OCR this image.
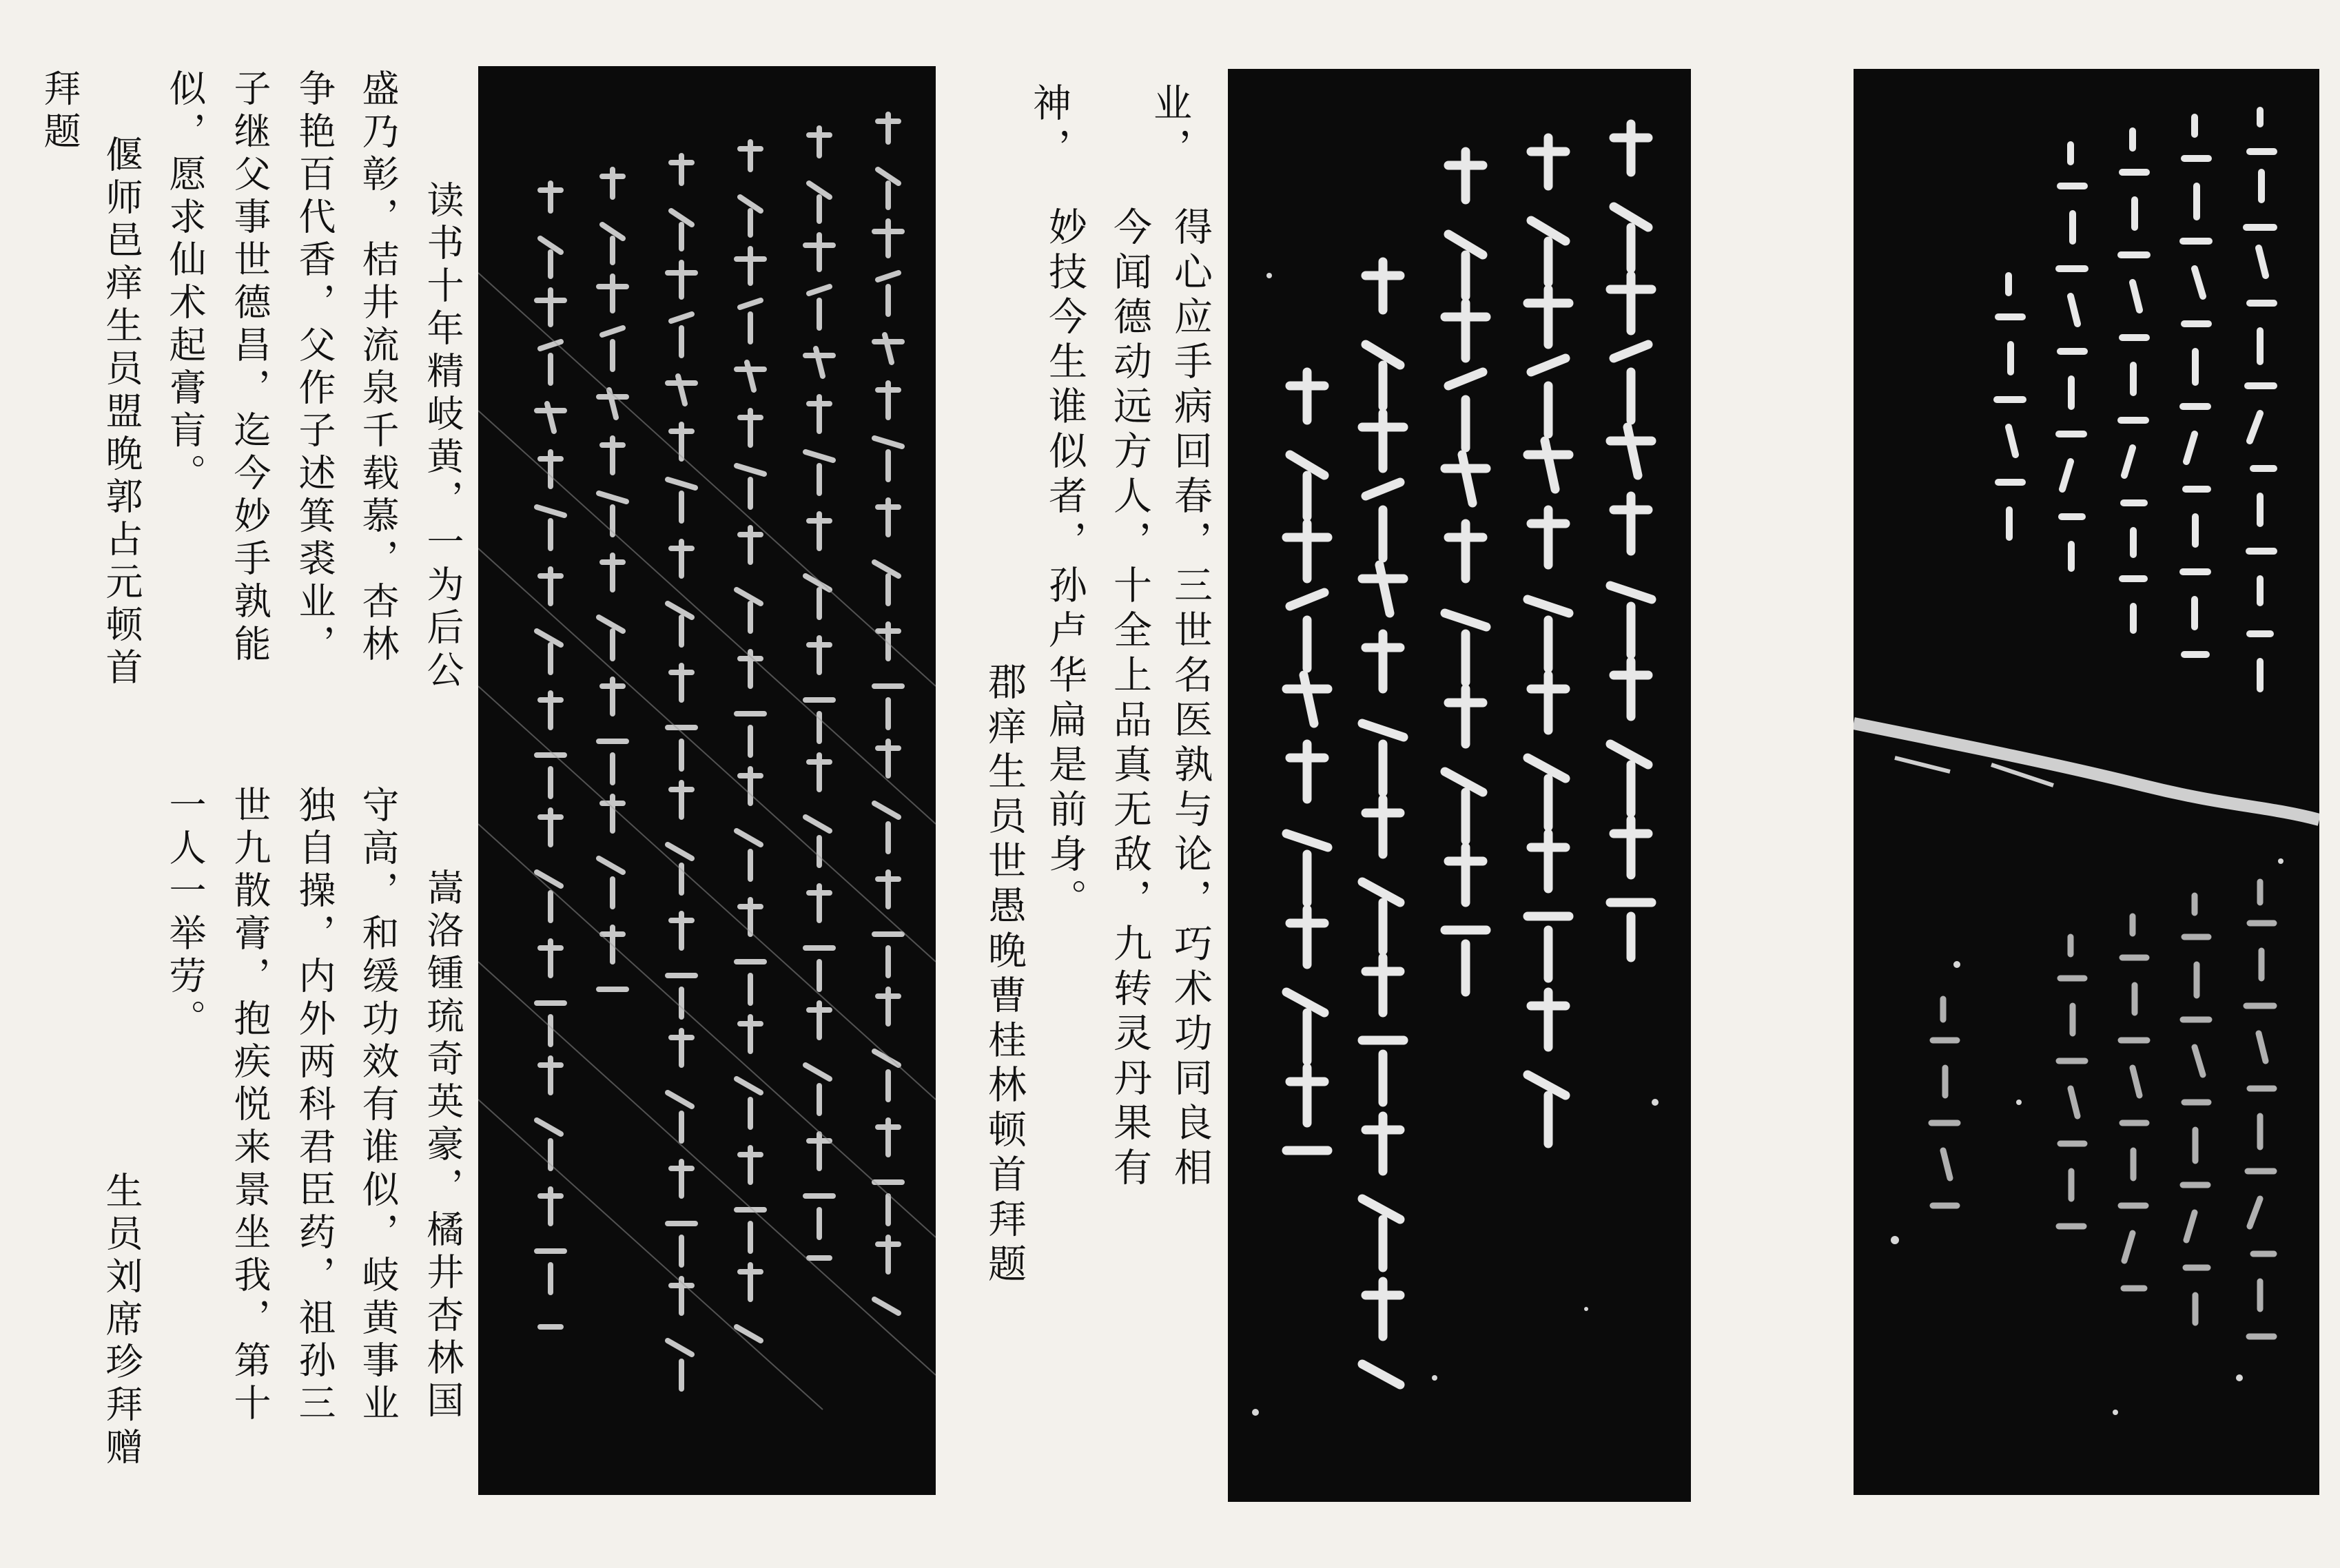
业，

神，

得心应手病回春，三世名医孰与论，巧术功同良相

今闻德动远方人，十全上品真无敌，九转灵丹果有

妙技今生谁似者，孙卢华扁是前身。

郡痒生员世愚晚曹桂林顿首拜题

读书十年精岐黄，一为后公

嵩洛锺琉奇英豪，橘井杏林国

盛乃彰，桔井流泉千载慕，杏林

守高，和缓功效有谁似，岐黄事业

争艳百代香，父作子述箕裘业，

独自操，内外两科君臣药，祖孙三

子继父事世德昌，迄今妙手孰能

世九散膏，抱疾悦来景坐我，第十

似，愿求仙术起膏肓。

一人一举劳。

偃师邑痒生员盟晚郭占元顿首

生员刘席珍拜赠

拜题
